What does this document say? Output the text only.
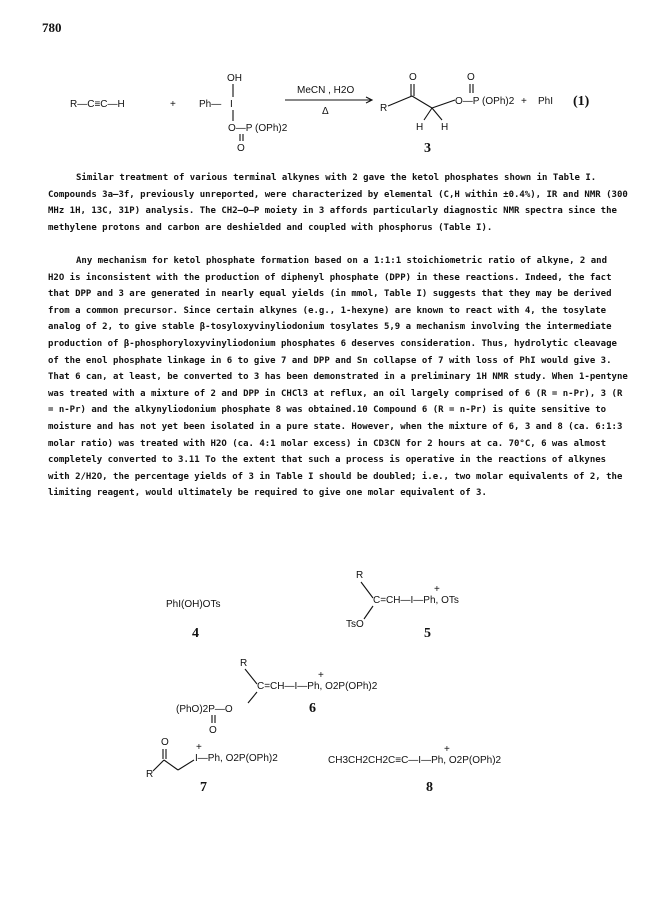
780
R—C≡C—H	+
OH
Ph— I
O—P (OPh)2
O
MeCN , H2O
Δ
O
R
O—P (OPh)2
O
H H
3
+ PhI (1)
PhI(OH)OTs
4
R
C=CH—I—Ph, OTs
+
TsO
5
R
C=CH—I—Ph, O2P(OPh)2
+
(PhO)2P—O
O
6
O
R
I—Ph, O2P(OPh)2
+
7
CH3CH2CH2C≡C—I—Ph, O2P(OPh)2
+
8

Similar treatment of various terminal alkynes with 2 gave the ketol phosphates shown in Table I. Compounds 3a–3f, previously unreported, were characterized by elemental (C,H within ±0.4%), IR and NMR (300 MHz 1H, 13C, 31P) analysis. The CH2–O–P moiety in 3 affords particularly diagnostic NMR spectra since the methylene protons and carbon are deshielded and coupled with phosphorus (Table I).

Any mechanism for ketol phosphate formation based on a 1:1:1 stoichiometric ratio of alkyne, 2 and H2O is inconsistent with the production of diphenyl phosphate (DPP) in these reactions. Indeed, the fact that DPP and 3 are generated in nearly equal yields (in mmol, Table I) suggests that they may be derived from a common precursor. Since certain alkynes (e.g., 1-hexyne) are known to react with 4, the tosylate analog of 2, to give stable β-tosyloxyvinyliodonium tosylates 5,9 a mechanism involving the intermediate production of β-phosphoryloxyvinyliodonium phosphates 6 deserves consideration. Thus, hydrolytic cleavage of the enol phosphate linkage in 6 to give 7 and DPP and Sn collapse of 7 with loss of PhI would give 3. That 6 can, at least, be converted to 3 has been demonstrated in a preliminary 1H NMR study. When 1-pentyne was treated with a mixture of 2 and DPP in CHCl3 at reflux, an oil largely comprised of 6 (R = n-Pr), 3 (R = n-Pr) and the alkynyliodonium phosphate 8 was obtained.10 Compound 6 (R = n-Pr) is quite sensitive to moisture and has not yet been isolated in a pure state. However, when the mixture of 6, 3 and 8 (ca. 6:1:3 molar ratio) was treated with H2O (ca. 4:1 molar excess) in CD3CN for 2 hours at ca. 70°C, 6 was almost completely converted to 3.11 To the extent that such a process is operative in the reactions of alkynes with 2/H2O, the percentage yields of 3 in Table I should be doubled; i.e., two molar equivalents of 2, the limiting reagent, would ultimately be required to give one molar equivalent of 3.
